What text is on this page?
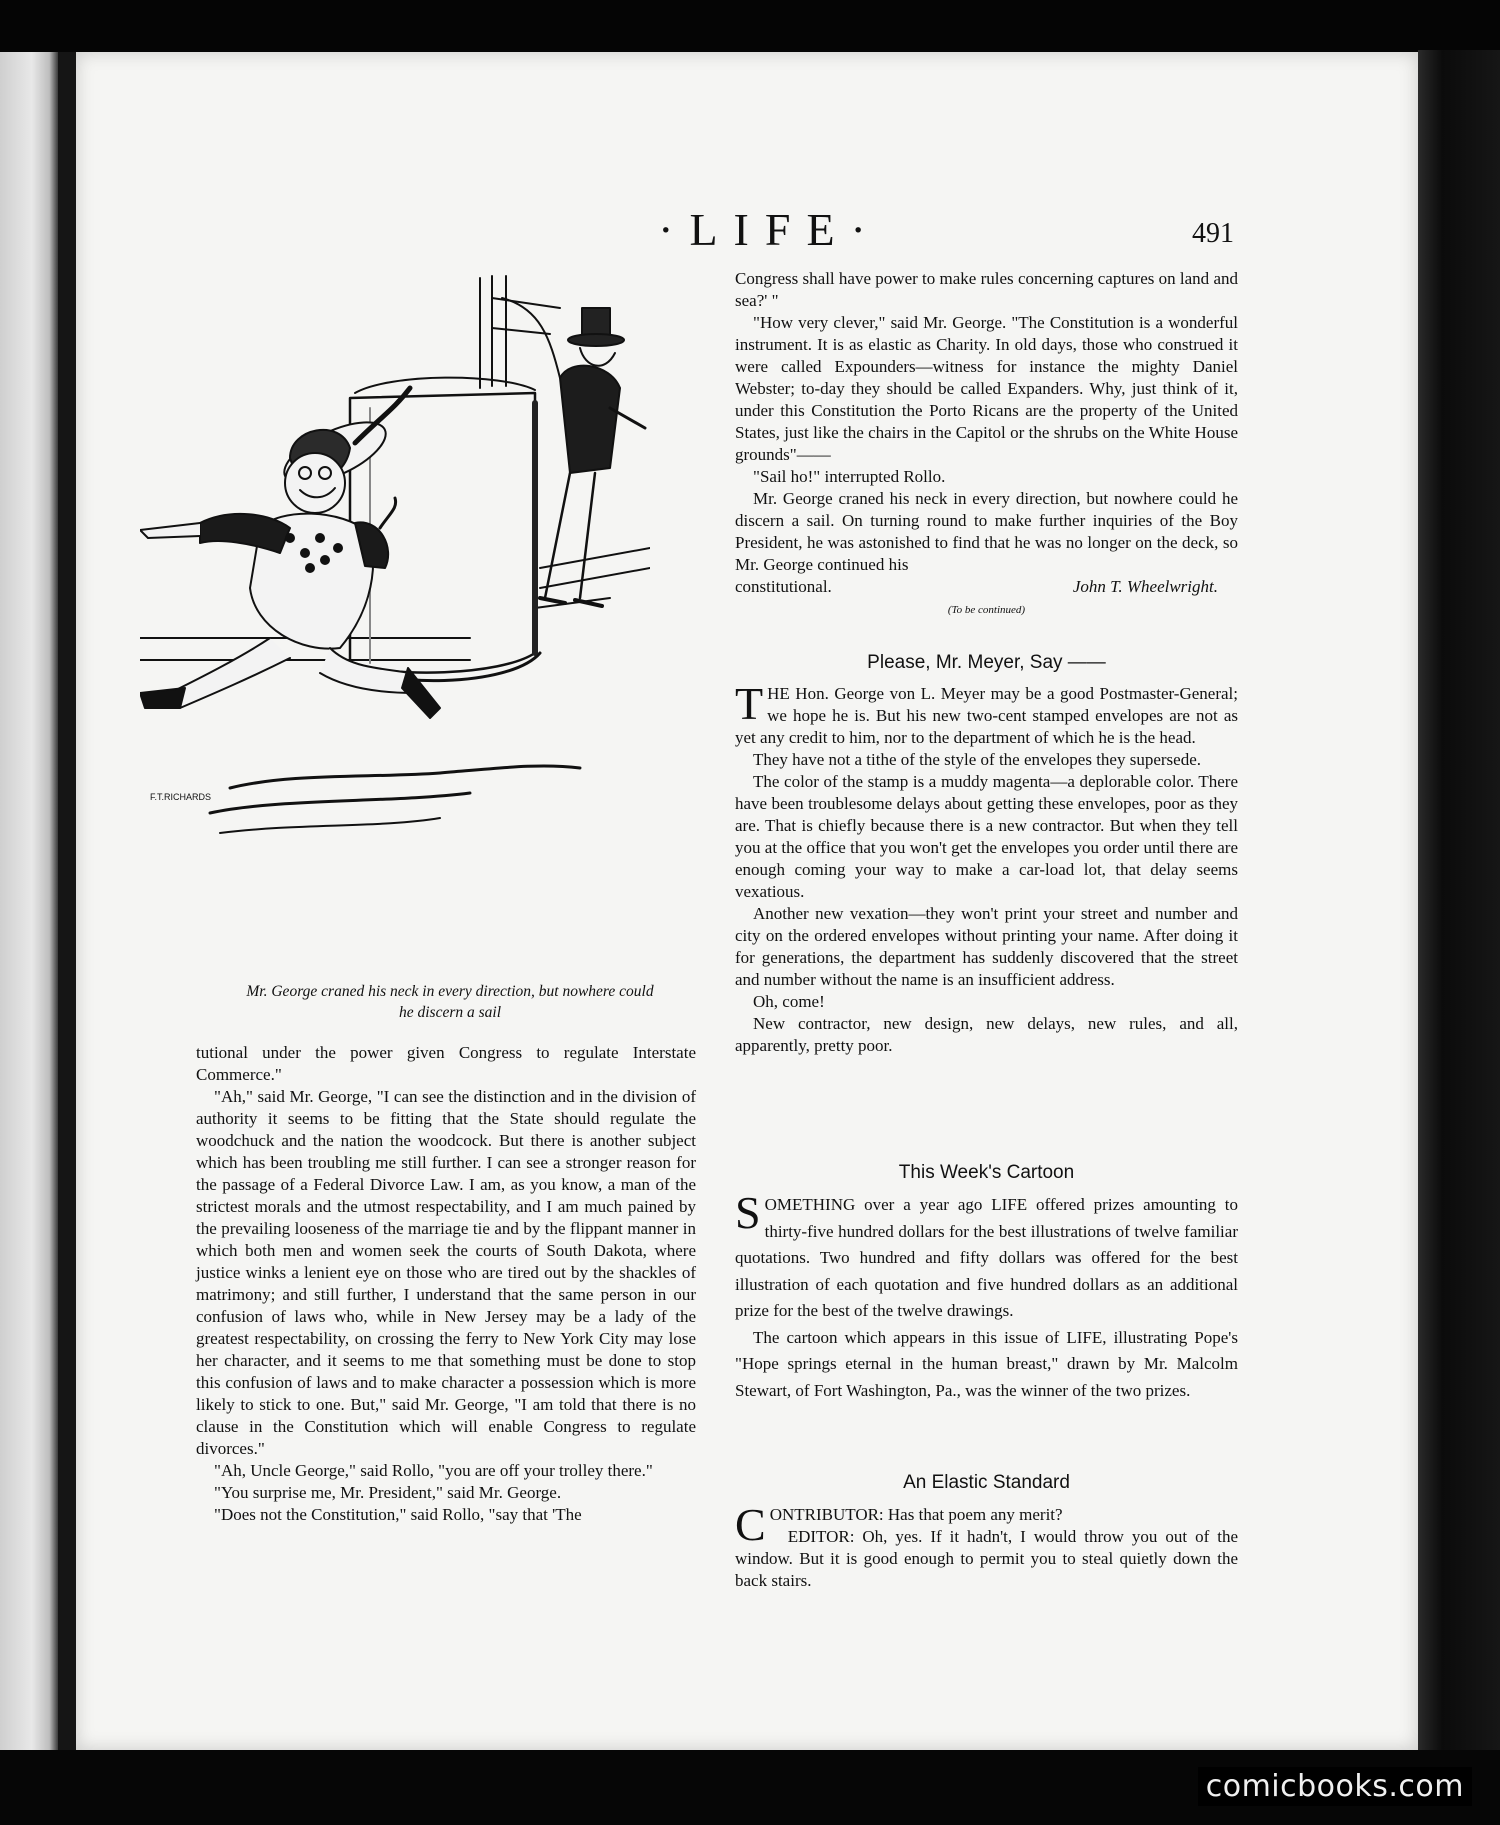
·LIFE·	491
F.T.RICHARDS
Mr. George craned his neck in every direction, but nowhere could
he discern a sail

tutional under the power given Congress to regulate Interstate Commerce."

"Ah," said Mr. George, "I can see the distinction and in the division of authority it seems to be fitting that the State should regulate the woodchuck and the nation the woodcock. But there is another subject which has been troubling me still further. I can see a stronger reason for the passage of a Federal Divorce Law. I am, as you know, a man of the strictest morals and the utmost respectability, and I am much pained by the prevailing looseness of the marriage tie and by the flippant manner in which both men and women seek the courts of South Dakota, where justice winks a lenient eye on those who are tired out by the shackles of matrimony; and still further, I understand that the same person in our confusion of laws who, while in New Jersey may be a lady of the greatest respectability, on crossing the ferry to New York City may lose her character, and it seems to me that something must be done to stop this confusion of laws and to make character a possession which is more likely to stick to one. But," said Mr. George, "I am told that there is no clause in the Constitution which will enable Congress to regulate divorces."

"Ah, Uncle George," said Rollo, "you are off your trolley there."

"You surprise me, Mr. President," said Mr. George.

"Does not the Constitution," said Rollo, "say that 'The

Congress shall have power to make rules concerning captures on land and sea?' "

"How very clever," said Mr. George. "The Constitution is a wonderful instrument. It is as elastic as Charity. In old days, those who construed it were called Expounders—witness for instance the mighty Daniel Webster; to-day they should be called Expanders. Why, just think of it, under this Constitution the Porto Ricans are the property of the United States, just like the chairs in the Capitol or the shrubs on the White House grounds"——

"Sail ho!" interrupted Rollo.

Mr. George craned his neck in every direction, but nowhere could he discern a sail. On turning round to make further inquiries of the Boy President, he was astonished to find that he was no longer on the deck, so Mr. George continued his

constitutional.	John T. Wheelwright.
(To be continued)
Please, Mr. Meyer, Say ——

THE Hon. George von L. Meyer may be a good Postmaster-General; we hope he is. But his new two-cent stamped envelopes are not as yet any credit to him, nor to the department of which he is the head.

They have not a tithe of the style of the envelopes they supersede.

The color of the stamp is a muddy magenta—a deplorable color. There have been troublesome delays about getting these envelopes, poor as they are. That is chiefly because there is a new contractor. But when they tell you at the office that you won't get the envelopes you order until there are enough coming your way to make a car-load lot, that delay seems vexatious.

Another new vexation—they won't print your street and number and city on the ordered envelopes without printing your name. After doing it for generations, the department has suddenly discovered that the street and number without the name is an insufficient address.

Oh, come!

New contractor, new design, new delays, new rules, and all, apparently, pretty poor.

This Week's Cartoon

SOMETHING over a year ago LIFE offered prizes amounting to thirty-five hundred dollars for the best illustrations of twelve familiar quotations. Two hundred and fifty dollars was offered for the best illustration of each quotation and five hundred dollars as an additional prize for the best of the twelve drawings.

The cartoon which appears in this issue of LIFE, illustrating Pope's "Hope springs eternal in the human breast," drawn by Mr. Malcolm Stewart, of Fort Washington, Pa., was the winner of the two prizes.

An Elastic Standard

CONTRIBUTOR: Has that poem any merit?

EDITOR: Oh, yes. If it hadn't, I would throw you out of the window. But it is good enough to permit you to steal quietly down the back stairs.

comicbooks.com
